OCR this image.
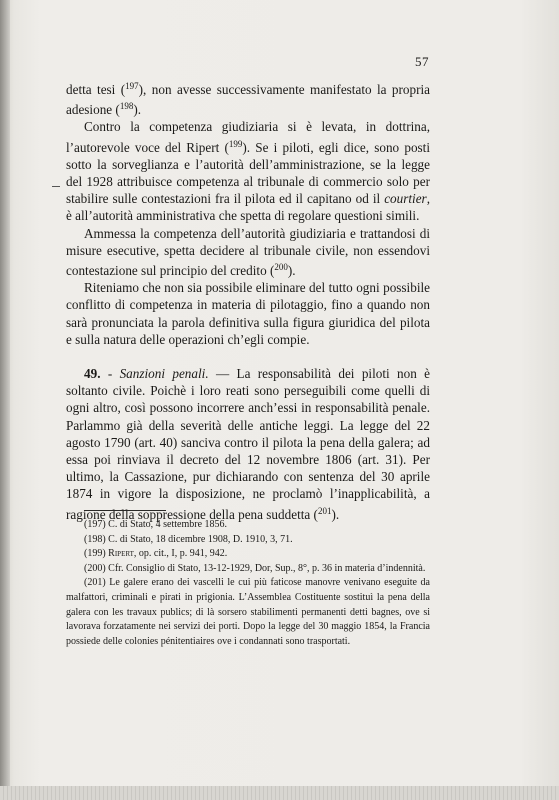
57

detta tesi ($^{197}$), non avesse successivamente manifestato la propria adesione ($^{198}$).

Contro la competenza giudiziaria si è levata, in dottrina, l’autorevole voce del Ripert ($^{199}$). Se i piloti, egli dice, sono posti sotto la sorveglianza e l’autorità dell’amministrazione, se la legge del 1928 attribuisce competenza al tribunale di commercio solo per stabilire sulle contestazioni fra il pilota ed il capitano od il courtier, è all’autorità amministrativa che spetta di regolare questioni simili.

Ammessa la competenza dell’autorità giudiziaria e trattandosi di misure esecutive, spetta decidere al tribunale civile, non essendovi contestazione sul principio del credito ($^{200}$).

Riteniamo che non sia possibile eliminare del tutto ogni possibile conflitto di competenza in materia di pilotaggio, fino a quando non sarà pronunciata la parola definitiva sulla figura giuridica del pilota e sulla natura delle operazioni ch’egli compie.

49. - Sanzioni penali. — La responsabilità dei piloti non è soltanto civile. Poichè i loro reati sono perseguibili come quelli di ogni altro, così possono incorrere anch’essi in responsabilità penale. Parlammo già della severità delle antiche leggi. La legge del 22 agosto 1790 (art. 40) sanciva contro il pilota la pena della galera; ad essa poi rinviava il decreto del 12 novembre 1806 (art. 31). Per ultimo, la Cassazione, pur dichiarando con sentenza del 30 aprile 1874 in vigore la disposizione, ne proclamò l’inapplicabilità, a ragione della soppressione della pena suddetta ($^{201}$).

(197) C. di Stato, 4 settembre 1856.
(198) C. di Stato, 18 dicembre 1908, D. 1910, 3, 71.
(199) Ripert, op. cit., I, p. 941, 942.
(200) Cfr. Consiglio di Stato, 13-12-1929, Dor, Sup., 8°, p. 36 in materia d’indennità.
(201) Le galere erano dei vascelli le cui più faticose manovre venivano eseguite da malfattori, criminali e pirati in prigionia. L’Assemblea Costituente sostituì la pena della galera con les travaux publics; di là sorsero stabilimenti permanenti detti bagnes, ove si lavorava forzatamente nei servizi dei porti. Dopo la legge del 30 maggio 1854, la Francia possiede delle colonies pénitentiaires ove i condannati sono trasportati.
